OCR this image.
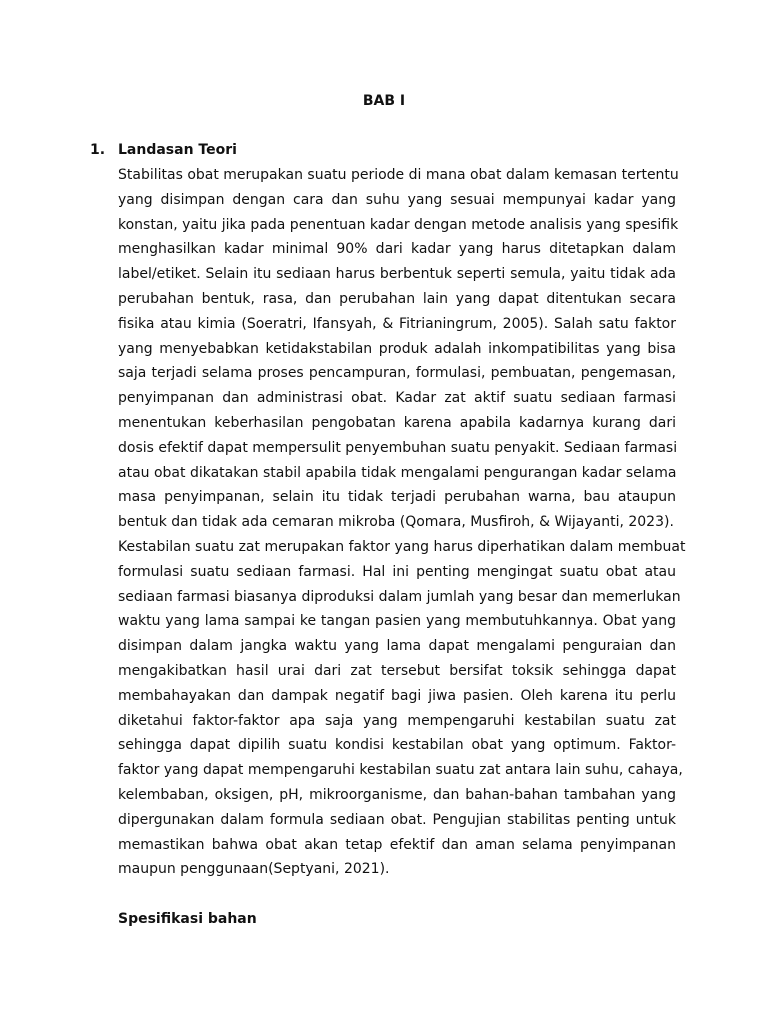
BAB I
1. Landasan Teori
Stabilitas obat merupakan suatu periode di mana obat dalam kemasan tertentu
yang disimpan dengan cara dan suhu yang sesuai mempunyai kadar yang
konstan, yaitu jika pada penentuan kadar dengan metode analisis yang spesifik
menghasilkan kadar minimal 90% dari kadar yang harus ditetapkan dalam
label/etiket. Selain itu sediaan harus berbentuk seperti semula, yaitu tidak ada
perubahan bentuk, rasa, dan perubahan lain yang dapat ditentukan secara
fisika atau kimia (Soeratri, Ifansyah, & Fitrianingrum, 2005). Salah satu faktor
yang menyebabkan ketidakstabilan produk adalah inkompatibilitas yang bisa
saja terjadi selama proses pencampuran, formulasi, pembuatan, pengemasan,
penyimpanan dan administrasi obat. Kadar zat aktif suatu sediaan farmasi
menentukan keberhasilan pengobatan karena apabila kadarnya kurang dari
dosis efektif dapat mempersulit penyembuhan suatu penyakit. Sediaan farmasi
atau obat dikatakan stabil apabila tidak mengalami pengurangan kadar selama
masa penyimpanan, selain itu tidak terjadi perubahan warna, bau ataupun
bentuk dan tidak ada cemaran mikroba (Qomara, Musfiroh, & Wijayanti, 2023).
Kestabilan suatu zat merupakan faktor yang harus diperhatikan dalam membuat
formulasi suatu sediaan farmasi. Hal ini penting mengingat suatu obat atau
sediaan farmasi biasanya diproduksi dalam jumlah yang besar dan memerlukan
waktu yang lama sampai ke tangan pasien yang membutuhkannya. Obat yang
disimpan dalam jangka waktu yang lama dapat mengalami penguraian dan
mengakibatkan hasil urai dari zat tersebut bersifat toksik sehingga dapat
membahayakan dan dampak negatif bagi jiwa pasien. Oleh karena itu perlu
diketahui faktor-faktor apa saja yang mempengaruhi kestabilan suatu zat
sehingga dapat dipilih suatu kondisi kestabilan obat yang optimum. Faktor-
faktor yang dapat mempengaruhi kestabilan suatu zat antara lain suhu, cahaya,
kelembaban, oksigen, pH, mikroorganisme, dan bahan-bahan tambahan yang
dipergunakan dalam formula sediaan obat. Pengujian stabilitas penting untuk
memastikan bahwa obat akan tetap efektif dan aman selama penyimpanan
maupun penggunaan(Septyani, 2021).
Spesifikasi bahan
